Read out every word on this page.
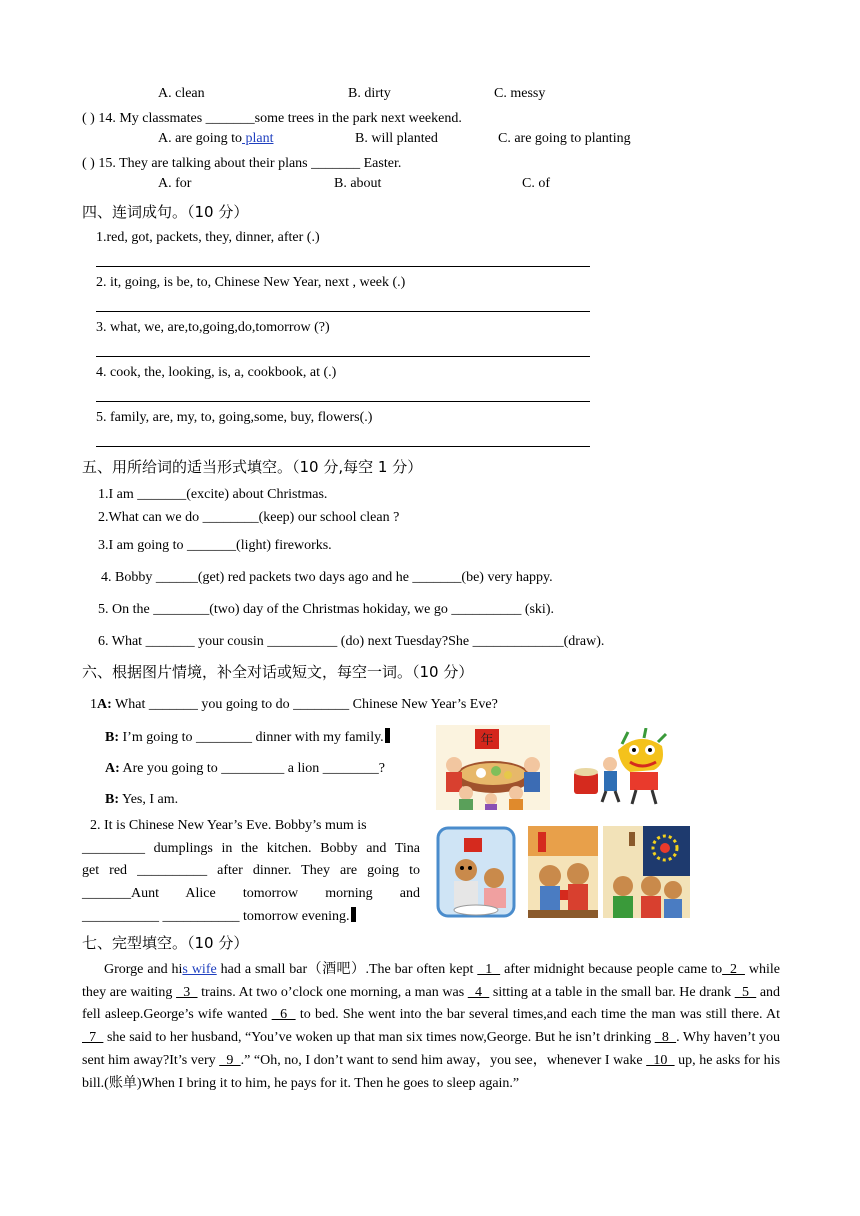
A. clean	B. dirty	C. messy
( ) 14. My classmates _______some trees in the park next weekend.
A. are going to plant	B. will planted	C. are going to planting
( ) 15. They are talking about their plans _______ Easter.
A. for	B. about	C. of
四、连词成句。（10 分）
1.red, got, packets, they, dinner, after (.)
2. it, going, is be, to, Chinese New Year, next , week (.)
3. what, we, are,to,going,do,tomorrow (?)
4. cook, the, looking, is, a, cookbook, at (.)
5. family, are, my, to, going,some, buy, flowers(.)
五、用所给词的适当形式填空。（10 分,每空 1 分）
1.I am _______(excite) about Christmas.
2.What can we do ________(keep) our school clean ?
3.I am going to _______(light) fireworks.
4. Bobby ______(get) red packets two days ago and he _______(be) very happy.
5. On the ________(two) day of the Christmas hokiday, we go __________ (ski).
6. What _______ your cousin __________ (do) next Tuesday?She _____________(draw).
六、根据图片情境，补全对话或短文，每空一词。（10 分）
1A: What _______ you going to do ________ Chinese New Year’s Eve?
B: I’m going to ________ dinner with my family.
A: Are you going to _________ a lion ________?
B: Yes, I am.
2. It is Chinese New Year’s Eve. Bobby’s mum is
_________ dumplings in the kitchen. Bobby and Tina
get red __________ after dinner. They are going to
_______Aunt Alice tomorrow morning and
___________ ___________ tomorrow evening.
年
七、完型填空。（10 分）
Grorge and his wife had a small bar（酒吧）.The bar often kept   1   after midnight because people came to  2   while they are waiting   3   trains. At two o’clock one morning, a man was   4   sitting at a table in the small bar. He drank   5   and fell asleep.George’s wife wanted   6   to bed. She went into the bar several times,and each time the man was still there. At  7   she said to her husband, “You’ve woken up that man six times now,George. But he isn’t drinking   8  . Why haven’t you sent him away?It’s very   9  .” “Oh, no, I don’t want to send him away，you see，whenever I wake   10   up, he asks for his bill.(账单)When I bring it to him, he pays for it. Then he goes to sleep again.”
